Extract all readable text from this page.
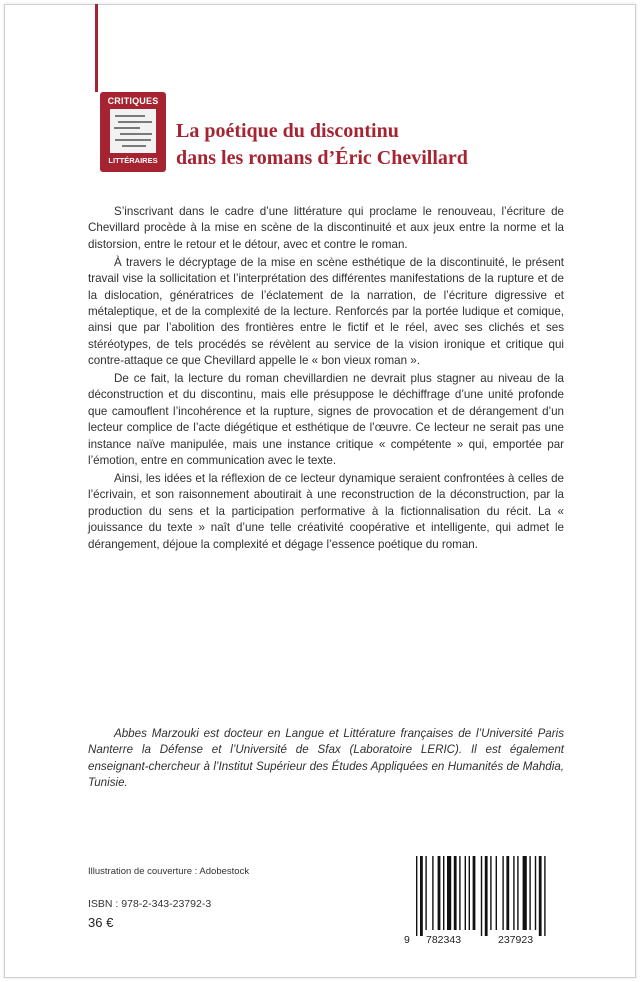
CRITIQUES
LITTÉRAIRES
La poétique du discontinu
dans les romans d’Éric Chevillard

S’inscrivant dans le cadre d’une littérature qui proclame le renouveau, l’écriture de Chevillard procède à la mise en scène de la discontinuité et aux jeux entre la norme et la distorsion, entre le retour et le détour, avec et contre le roman.

À travers le décryptage de la mise en scène esthétique de la discontinuité, le présent travail vise la sollicitation et l’interprétation des différentes manifestations de la rupture et de la dislocation, génératrices de l’éclatement de la narration, de l’écriture digressive et métaleptique, et de la complexité de la lecture. Renforcés par la portée ludique et comique, ainsi que par l’abolition des frontières entre le fictif et le réel, avec ses clichés et ses stéréotypes, de tels procédés se révèlent au service de la vision ironique et critique qui contre-attaque ce que Chevillard appelle le « bon vieux roman ».

De ce fait, la lecture du roman chevillardien ne devrait plus stagner au niveau de la déconstruction et du discontinu, mais elle présuppose le déchiffrage d’une unité profonde que camouflent l’incohérence et la rupture, signes de provocation et de dérangement d’un lecteur complice de l’acte diégétique et esthétique de l’œuvre. Ce lecteur ne serait pas une instance naïve manipulée, mais une instance critique « compétente » qui, emportée par l’émotion, entre en communication avec le texte.

Ainsi, les idées et la réflexion de ce lecteur dynamique seraient confrontées à celles de l’écrivain, et son raisonnement aboutirait à une reconstruction de la déconstruction, par la production du sens et la participation performative à la fictionnalisation du récit. La « jouissance du texte » naît d’une telle créativité coopérative et intelligente, qui admet le dérangement, déjoue la complexité et dégage l’essence poétique du roman.

Abbes Marzouki est docteur en Langue et Littérature françaises de l’Université Paris Nanterre la Défense et l’Université de Sfax (Laboratoire LERIC). Il est également enseignant-chercheur à l’Institut Supérieur des Études Appliquées en Humanités de Mahdia, Tunisie.

Illustration de couverture : Adobestock
ISBN : 978-2-343-23792-3
36 €
9 782343	237923
